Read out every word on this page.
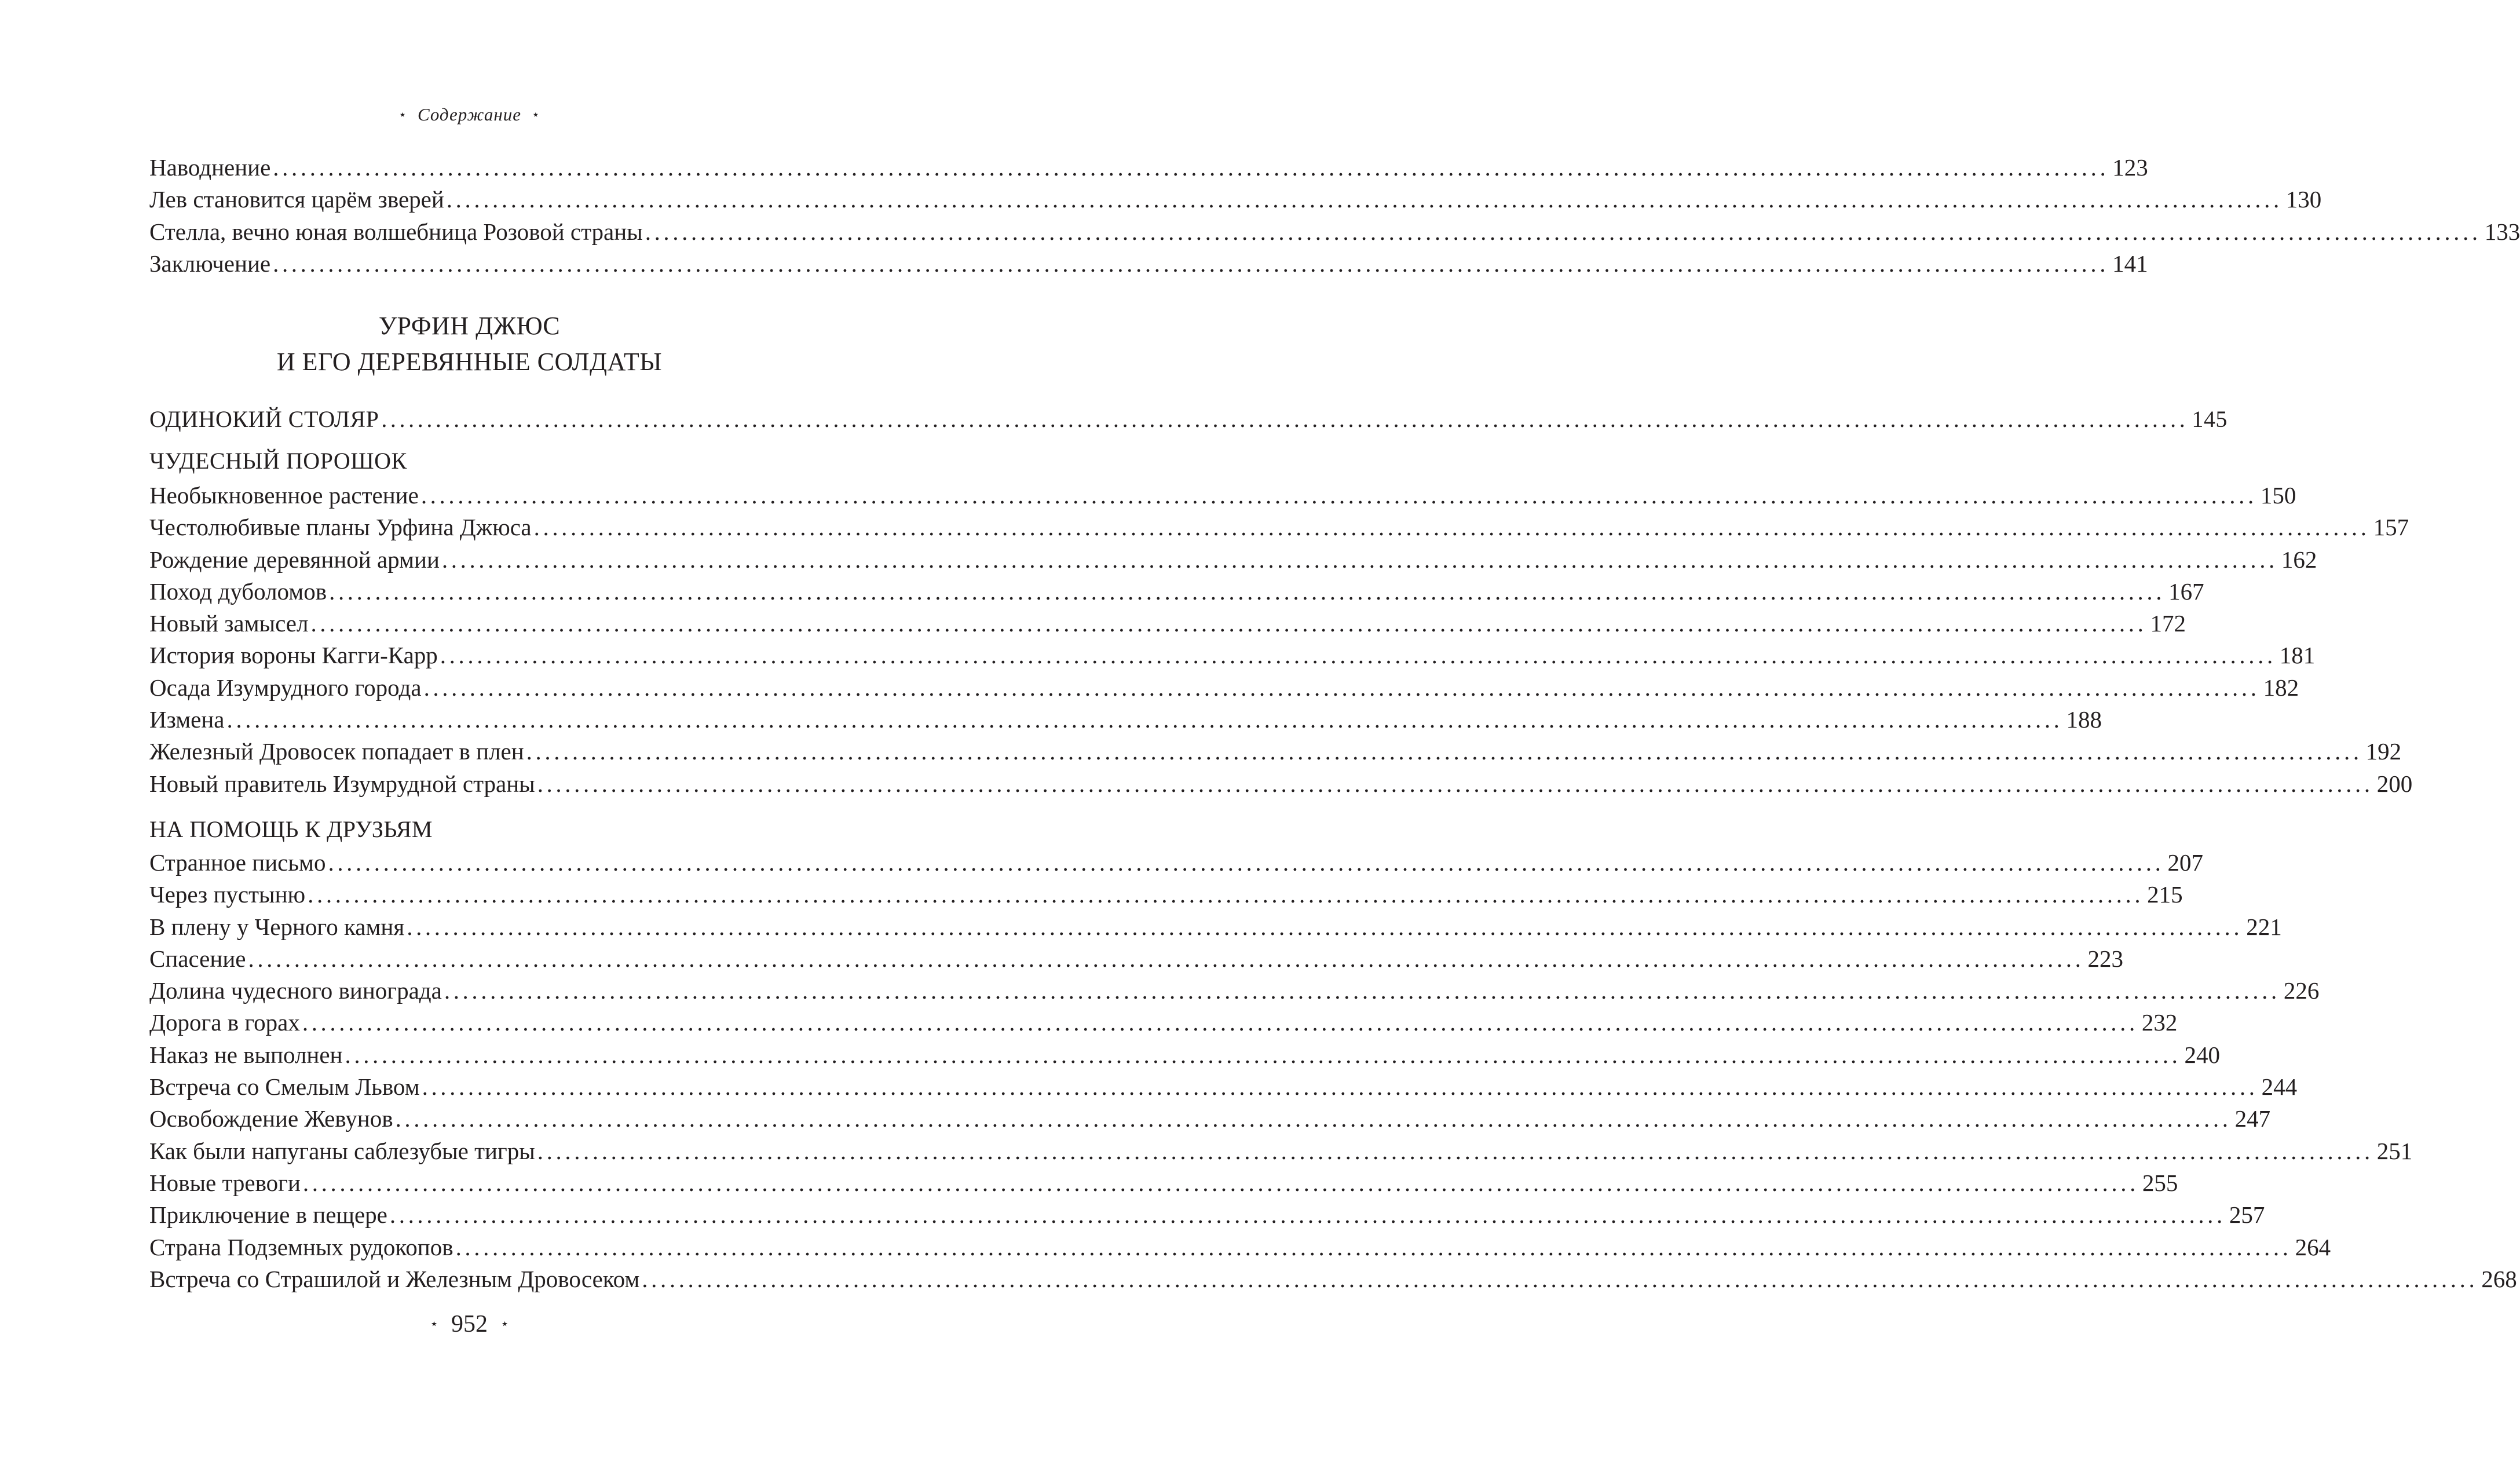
⋆ Содержание ⋆
Наводнение ........................................................................................................................................................................................................ 123
Лев становится царём зверей ........................................................................................................................................................................................................ 130
Стелла, вечно юная волшебница Розовой страны ........................................................................................................................................................................................................ 133
Заключение ........................................................................................................................................................................................................ 141
УРФИН ДЖЮС
И ЕГО ДЕРЕВЯННЫЕ СОЛДАТЫ
ОДИНОКИЙ СТОЛЯР ........................................................................................................................................................................................................ 145
ЧУДЕСНЫЙ ПОРОШОК
Необыкновенное растение ........................................................................................................................................................................................................ 150
Честолюбивые планы Урфина Джюса ........................................................................................................................................................................................................ 157
Рождение деревянной армии ........................................................................................................................................................................................................ 162
Поход дуболомов ........................................................................................................................................................................................................ 167
Новый замысел ........................................................................................................................................................................................................ 172
История вороны Кагги-Карр ........................................................................................................................................................................................................ 181
Осада Изумрудного города ........................................................................................................................................................................................................ 182
Измена ........................................................................................................................................................................................................ 188
Железный Дровосек попадает в плен ........................................................................................................................................................................................................ 192
Новый правитель Изумрудной страны ........................................................................................................................................................................................................ 200
НА ПОМОЩЬ К ДРУЗЬЯМ
Странное письмо ........................................................................................................................................................................................................ 207
Через пустыню ........................................................................................................................................................................................................ 215
В плену у Черного камня ........................................................................................................................................................................................................ 221
Спасение ........................................................................................................................................................................................................ 223
Долина чудесного винограда ........................................................................................................................................................................................................ 226
Дорога в горах ........................................................................................................................................................................................................ 232
Наказ не выполнен ........................................................................................................................................................................................................ 240
Встреча со Смелым Львом ........................................................................................................................................................................................................ 244
Освобождение Жевунов ........................................................................................................................................................................................................ 247
Как были напуганы саблезубые тигры ........................................................................................................................................................................................................ 251
Новые тревоги ........................................................................................................................................................................................................ 255
Приключение в пещере ........................................................................................................................................................................................................ 257
Страна Подземных рудокопов ........................................................................................................................................................................................................ 264
Встреча со Страшилой и Железным Дровосеком ........................................................................................................................................................................................................ 268
⋆ 952 ⋆
